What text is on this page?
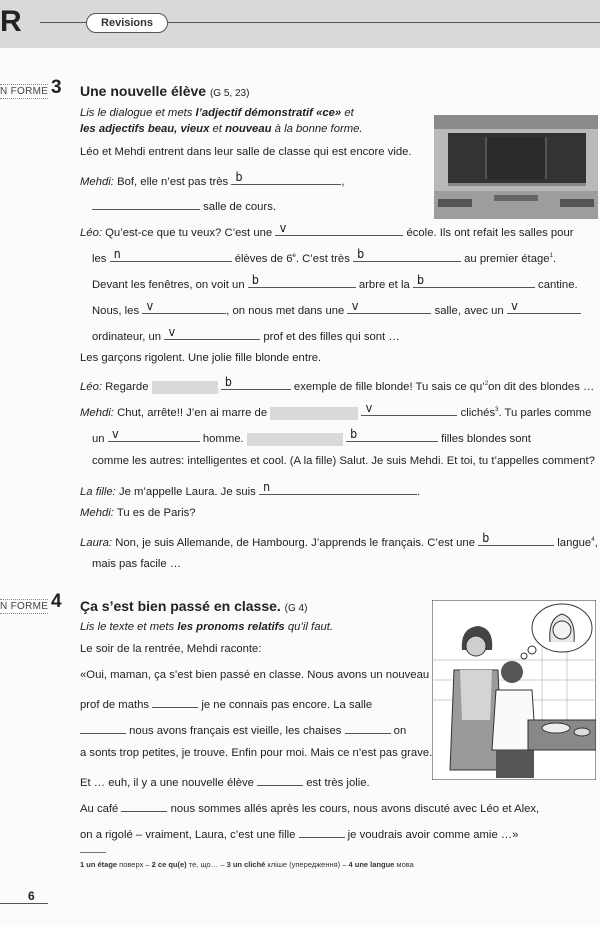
R	Revisions
N FORME 3 Une nouvelle élève (G 5, 23)
Lis le dialogue et mets l’adjectif démonstratif «ce» et
les adjectifs beau, vieux et nouveau à la bonne forme.
Léo et Mehdi entrent dans leur salle de classe qui est encore vide.
Mehdi: Bof, elle n’est pas très b	,
salle de cours.
Léo: Qu’est-ce que tu veux? C’est une v	école. Ils ont refait les salles pour
les n	élèves de 6e. C’est très b	au premier étage$^1$.
Devant les fenêtres, on voit un b	arbre et la b	cantine.
Nous, les v	, on nous met dans une v	salle, avec un v
ordinateur, un v	prof et des filles qui sont …
Les garçons rigolent. Une jolie fille blonde entre.
Léo: Regarde	b	exemple de fille blonde! Tu sais ce qu’$^2$on dit des blondes …
Mehdi: Chut, arrête!! J’en ai marre de	v	clichés$^3$. Tu parles comme
un v	homme.	b	filles blondes sont
comme les autres: intelligentes et cool. (A la fille) Salut. Je suis Mehdi. Et toi, tu t’appelles comment?
La fille: Je m’appelle Laura. Je suis n	.
Mehdi: Tu es de Paris?
Laura: Non, je suis Allemande, de Hambourg. J’apprends le français. C’est une b	langue$^4$,
mais pas facile …
N FORME 4 Ça s’est bien passé en classe. (G 4)
Lis le texte et mets les pronoms relatifs qu’il faut.
Le soir de la rentrée, Mehdi raconte:
«Oui, maman, ça s’est bien passé en classe. Nous avons un nouveau
prof de maths	je ne connais pas encore. La salle
nous avons français est vieille, les chaises	on
a sonts trop petites, je trouve. Enfin pour moi. Mais ce n’est pas grave.
Et … euh, il y a une nouvelle élève	est très jolie.
Au café	nous sommes allés après les cours, nous avons discuté avec Léo et Alex,
on a rigolé – vraiment, Laura, c’est une fille	je voudrais avoir comme amie …»
1 un étage поверх – 2 ce qu(e) те, що… – 3 un cliché кліше (упередження) – 4 une langue мова
6
